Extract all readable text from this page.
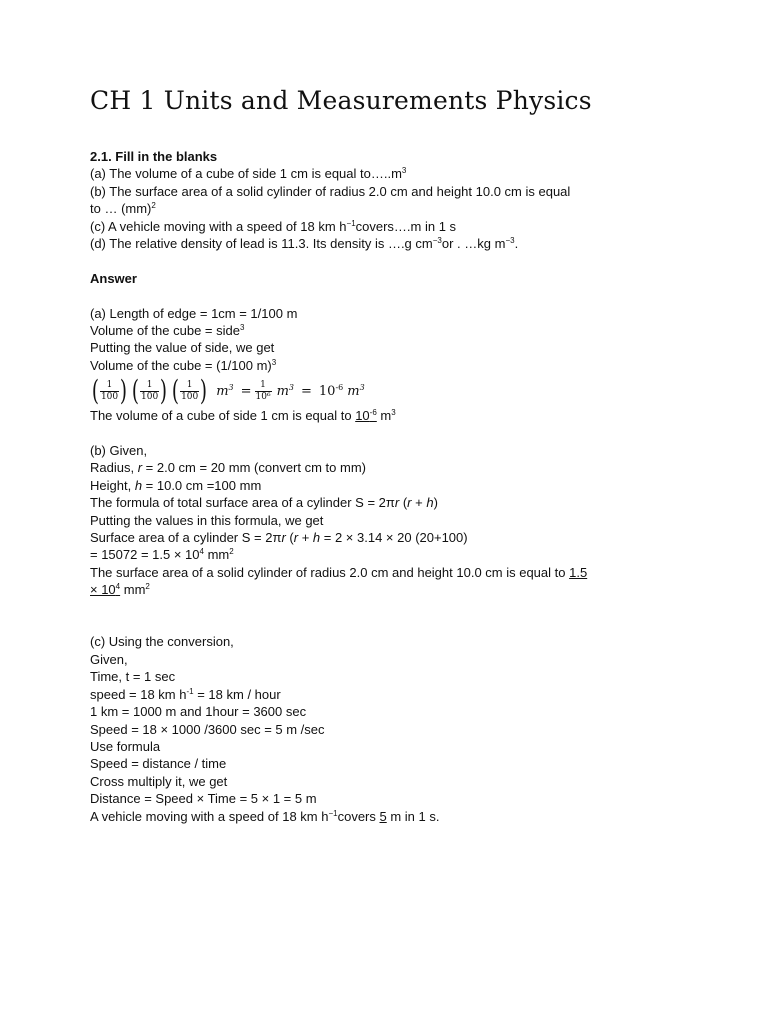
CH 1 Units and Measurements Physics
2.1. Fill in the blanks
(a) The volume of a cube of side 1 cm is equal $to\dots..m^3$
(b) The surface area of a solid cylinder of radius 2.0 cm and height 10.0 cm is equal
to … (mm)$^2$
(c) A vehicle moving with a speed of 18 km $h^{-1}covers\dots.m$ in 1 s
(d) The relative density of lead is 11.3. Its density is ….g $cm^{-3}or$ . …kg $m^{-3}$.
Answer
(a) Length of edge = 1cm = 1/100 m
Volume of the cube = side$^3$
Putting the value of side, we get
Volume of the cube = (1/100 m)$^3$
( $\frac{1}{100}$ ) ( $\frac{1}{100}$ ) ( $\frac{1}{100}$ ) $m^3 = \frac{1}{\text{10⁶}} m^3 = 10^{-6}$ $m^3$
The volume of a cube of side 1 cm is equal to $10^{-6}$ $m^3$
(b) Given,
Radius, r = 2.0 cm = 20 mm (convert cm to mm)
Height, h = 10.0 cm =100 mm
The formula of total surface area of a cylinder S = 2πr (r + h)
Putting the values in this formula, we get
Surface area of a cylinder S = 2πr (r + h = 2 × 3.14 × 20 (20+100)
= $15072 = 1.5 \times 10^4$ $mm^2$
The surface area of a solid cylinder of radius 2.0 cm and height 10.0 cm is equal to 1.5
× $10^4$ $mm^2$
(c) Using the conversion,
Given,
Time, t = 1 sec
speed = 18 km $h^{-1} = 18$ km / hour
1 km = 1000 m and 1hour = 3600 sec
Speed = 18 × 1000 /3600 sec = 5 m /sec
Use formula
Speed = distance / time
Cross multiply it, we get
Distance = Speed × Time = 5 × 1 = 5 m
A vehicle moving with a speed of 18 km $h^{-1}covers$ 5 m in 1 s.
